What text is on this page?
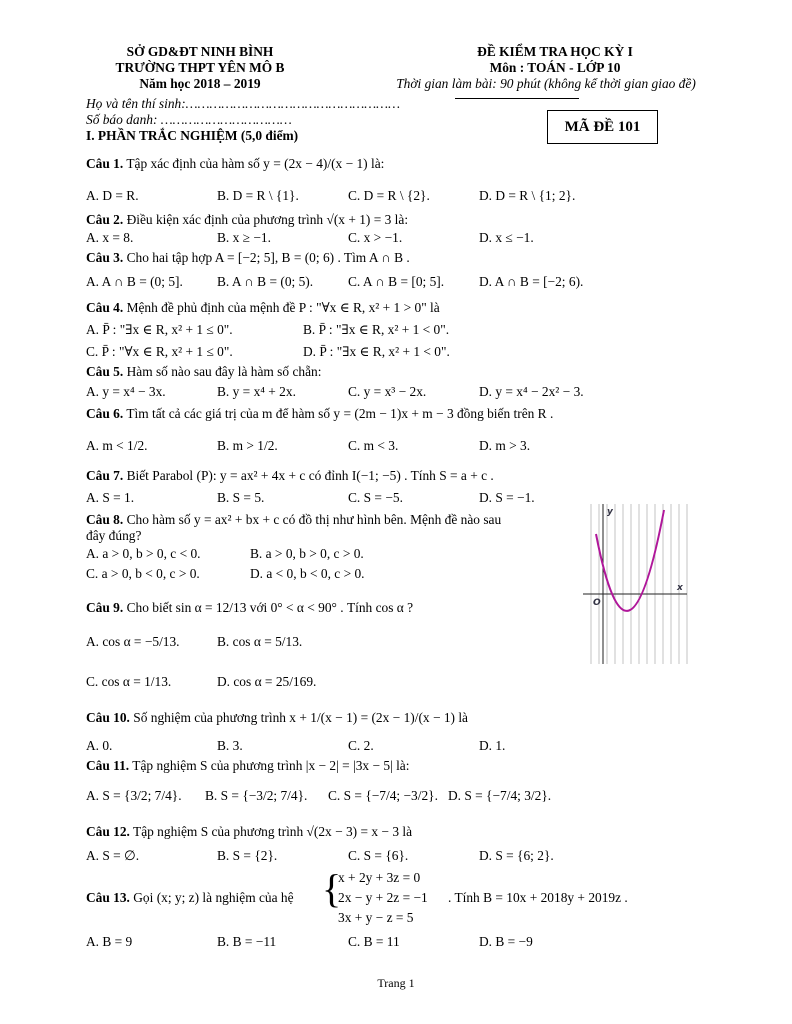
SỞ GD&ĐT NINH BÌNH
TRƯỜNG THPT YÊN MÔ B
Năm học 2018 – 2019
ĐỀ KIỂM TRA HỌC KỲ I
Môn : TOÁN - LỚP 10
Thời gian làm bài: 90 phút (không kể thời gian giao đề)
Họ và tên thí sinh:………………………………………………
Số báo danh: ……………………………	MÃ ĐỀ 101
I. PHẦN TRẮC NGHIỆM (5,0 điểm)
Câu 1. Tập xác định của hàm số y = (2x − 4)/(x − 1) là:
A. D = R.	B. D = R \ {1}.	C. D = R \ {2}.	D. D = R \ {1; 2}.
Câu 2. Điều kiện xác định của phương trình √(x + 1) = 3 là:
A. x = 8.	B. x ≥ −1.	C. x > −1.	D. x ≤ −1.
Câu 3. Cho hai tập hợp A = [−2; 5], B = (0; 6) . Tìm A ∩ B .
A. A ∩ B = (0; 5].	B. A ∩ B = (0; 5).	C. A ∩ B = [0; 5].	D. A ∩ B = [−2; 6).
Câu 4. Mệnh đề phủ định của mệnh đề P : "∀x ∈ R, x² + 1 > 0" là
A. P̄ : "∃x ∈ R, x² + 1 ≤ 0".	B. P̄ : "∃x ∈ R, x² + 1 < 0".
C. P̄ : "∀x ∈ R, x² + 1 ≤ 0".	D. P̄ : "∃x ∈ R, x² + 1 < 0".
Câu 5. Hàm số nào sau đây là hàm số chẵn:
A. y = x⁴ − 3x.	B. y = x⁴ + 2x.	C. y = x³ − 2x.	D. y = x⁴ − 2x² − 3.
Câu 6. Tìm tất cả các giá trị của m để hàm số y = (2m − 1)x + m − 3 đồng biến trên R .
A. m < 1/2.	B. m > 1/2.	C. m < 3.	D. m > 3.
Câu 7. Biết Parabol (P): y = ax² + 4x + c có đỉnh I(−1; −5) . Tính S = a + c .
A. S = 1.	B. S = 5.	C. S = −5.	D. S = −1.
Câu 8. Cho hàm số y = ax² + bx + c có đồ thị như hình bên. Mệnh đề nào sau
đây đúng?
A. a > 0, b > 0, c < 0.	B. a > 0, b > 0, c > 0.
C. a > 0, b < 0, c > 0.	D. a < 0, b < 0, c > 0.
y
x
O
Câu 9. Cho biết sin α = 12/13 với 0° < α < 90° . Tính cos α ?
A. cos α = −5/13.	B. cos α = 5/13.
C. cos α = 1/13.	D. cos α = 25/169.
Câu 10. Số nghiệm của phương trình x + 1/(x − 1) = (2x − 1)/(x − 1) là
A. 0.	B. 3.	C. 2.	D. 1.
Câu 11. Tập nghiệm S của phương trình |x − 2| = |3x − 5| là:
A. S = {3/2; 7/4}. B. S = {−3/2; 7/4}. C. S = {−7/4; −3/2}. D. S = {−7/4; 3/2}.
Câu 12. Tập nghiệm S của phương trình √(2x − 3) = x − 3 là
A. S = ∅.	B. S = {2}.	C. S = {6}.	D. S = {6; 2}.
Câu 13. Gọi (x; y; z) là nghiệm của hệ {
x + 2y + 3z = 0
2x − y + 2z = −1
3x + y − z = 5
. Tính B = 10x + 2018y + 2019z .
A. B = 9	B. B = −11	C. B = 11	D. B = −9
Trang 1
